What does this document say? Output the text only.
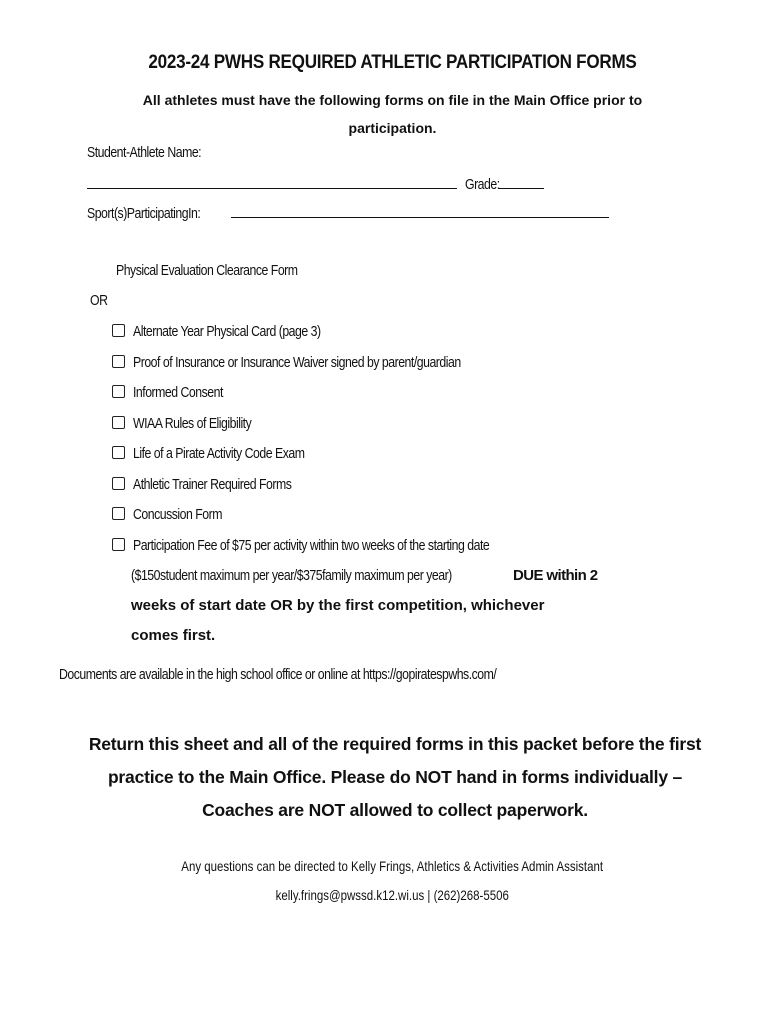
2023-24 PWHS REQUIRED ATHLETIC PARTICIPATION FORMS
All athletes must have the following forms on file in the Main Office prior to participation.
Student-Athlete Name:
Grade:
Sport(s)ParticipatingIn:
Physical Evaluation Clearance Form
OR
Alternate Year Physical Card (page 3)
Proof of Insurance or Insurance Waiver signed by parent/guardian
Informed Consent
WIAA Rules of Eligibility
Life of a Pirate Activity Code Exam
Athletic Trainer Required Forms
Concussion Form
Participation Fee of $75 per activity within two weeks of the starting date
($150student maximum per year/$375family maximum per year)	DUE within 2
weeks of start date OR by the first competition, whichever
comes first.
Documents are available in the high school office or online at https://gopiratespwhs.com/
Return this sheet and all of the required forms in this packet before the first practice to the Main Office. Please do NOT hand in forms individually – Coaches are NOT allowed to collect paperwork.
Any questions can be directed to Kelly Frings, Athletics & Activities Admin Assistant
kelly.frings@pwssd.k12.wi.us | (262)268-5506
